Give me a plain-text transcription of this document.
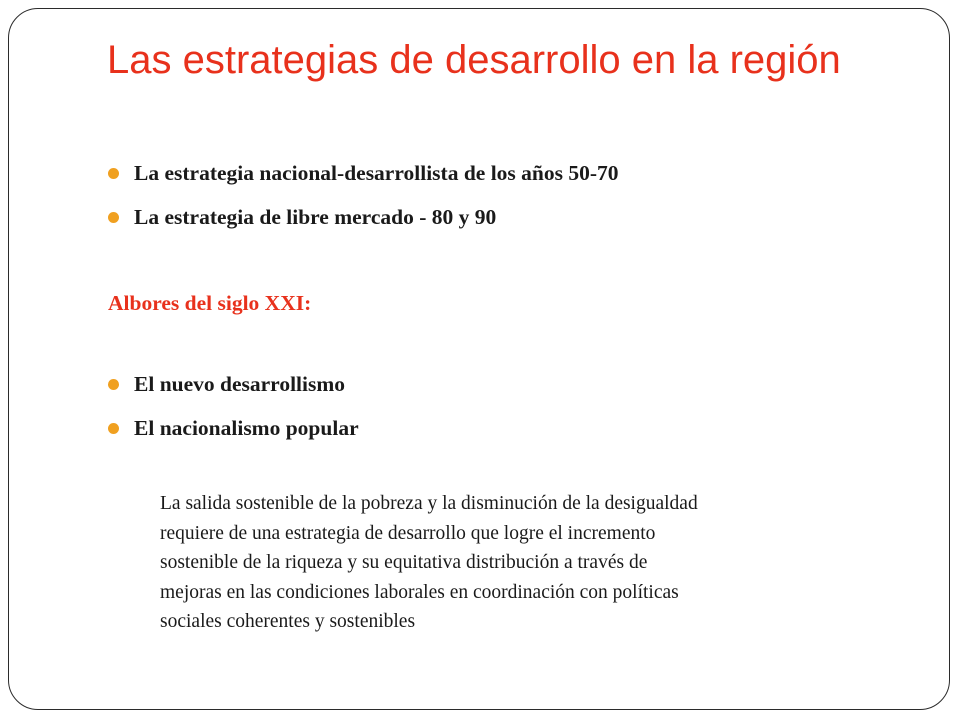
Las estrategias de desarrollo en la región
La estrategia nacional-desarrollista de los años 50-70
La estrategia de libre mercado - 80 y 90
Albores del siglo XXI:
El nuevo desarrollismo
El nacionalismo popular
La salida sostenible de la pobreza y la disminución de la desigualdad
requiere de una estrategia de desarrollo que logre el incremento
sostenible de la riqueza y su equitativa distribución a través de
mejoras en las condiciones laborales en coordinación con políticas
sociales coherentes y sostenibles
